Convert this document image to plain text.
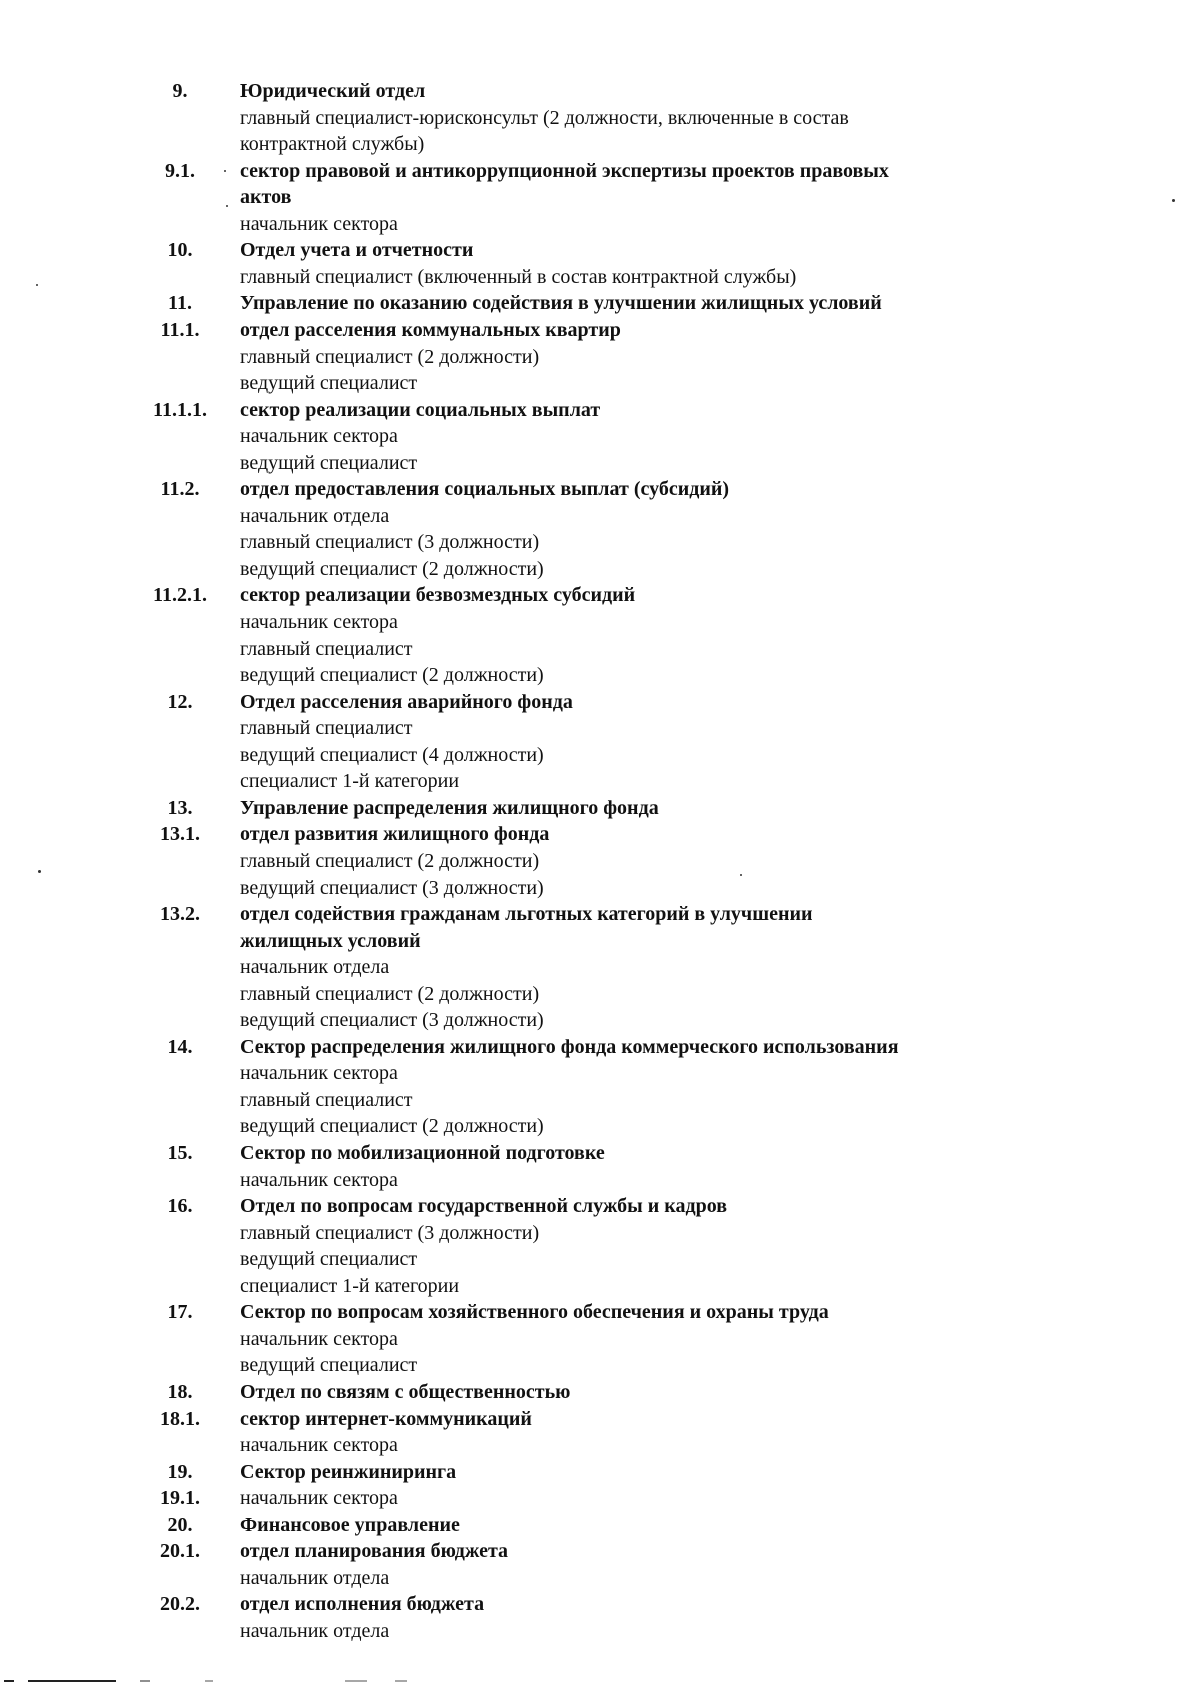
9.	Юридический отдел
главный специалист-юрисконсульт (2 должности, включенные в состав
контрактной службы)
9.1.	сектор правовой и антикоррупционной экспертизы проектов правовых
актов
начальник сектора
10.	Отдел учета и отчетности
главный специалист (включенный в состав контрактной службы)
11.	Управление по оказанию содействия в улучшении жилищных условий
11.1.	отдел расселения коммунальных квартир
главный специалист (2 должности)
ведущий специалист
11.1.1.	сектор реализации социальных выплат
начальник сектора
ведущий специалист
11.2.	отдел предоставления социальных выплат (субсидий)
начальник отдела
главный специалист (3 должности)
ведущий специалист (2 должности)
11.2.1.	сектор реализации безвозмездных субсидий
начальник сектора
главный специалист
ведущий специалист (2 должности)
12.	Отдел расселения аварийного фонда
главный специалист
ведущий специалист (4 должности)
специалист 1-й категории
13.	Управление распределения жилищного фонда
13.1.	отдел развития жилищного фонда
главный специалист (2 должности)
ведущий специалист (3 должности)
13.2.	отдел содействия гражданам льготных категорий в улучшении
жилищных условий
начальник отдела
главный специалист (2 должности)
ведущий специалист (3 должности)
14.	Сектор распределения жилищного фонда коммерческого использования
начальник сектора
главный специалист
ведущий специалист (2 должности)
15.	Сектор по мобилизационной подготовке
начальник сектора
16.	Отдел по вопросам государственной службы и кадров
главный специалист (3 должности)
ведущий специалист
специалист 1-й категории
17.	Сектор по вопросам хозяйственного обеспечения и охраны труда
начальник сектора
ведущий специалист
18.	Отдел по связям с общественностью
18.1.	сектор интернет-коммуникаций
начальник сектора
19.	Сектор реинжиниринга
19.1.	начальник сектора
20.	Финансовое управление
20.1.	отдел планирования бюджета
начальник отдела
20.2.	отдел исполнения бюджета
начальник отдела
